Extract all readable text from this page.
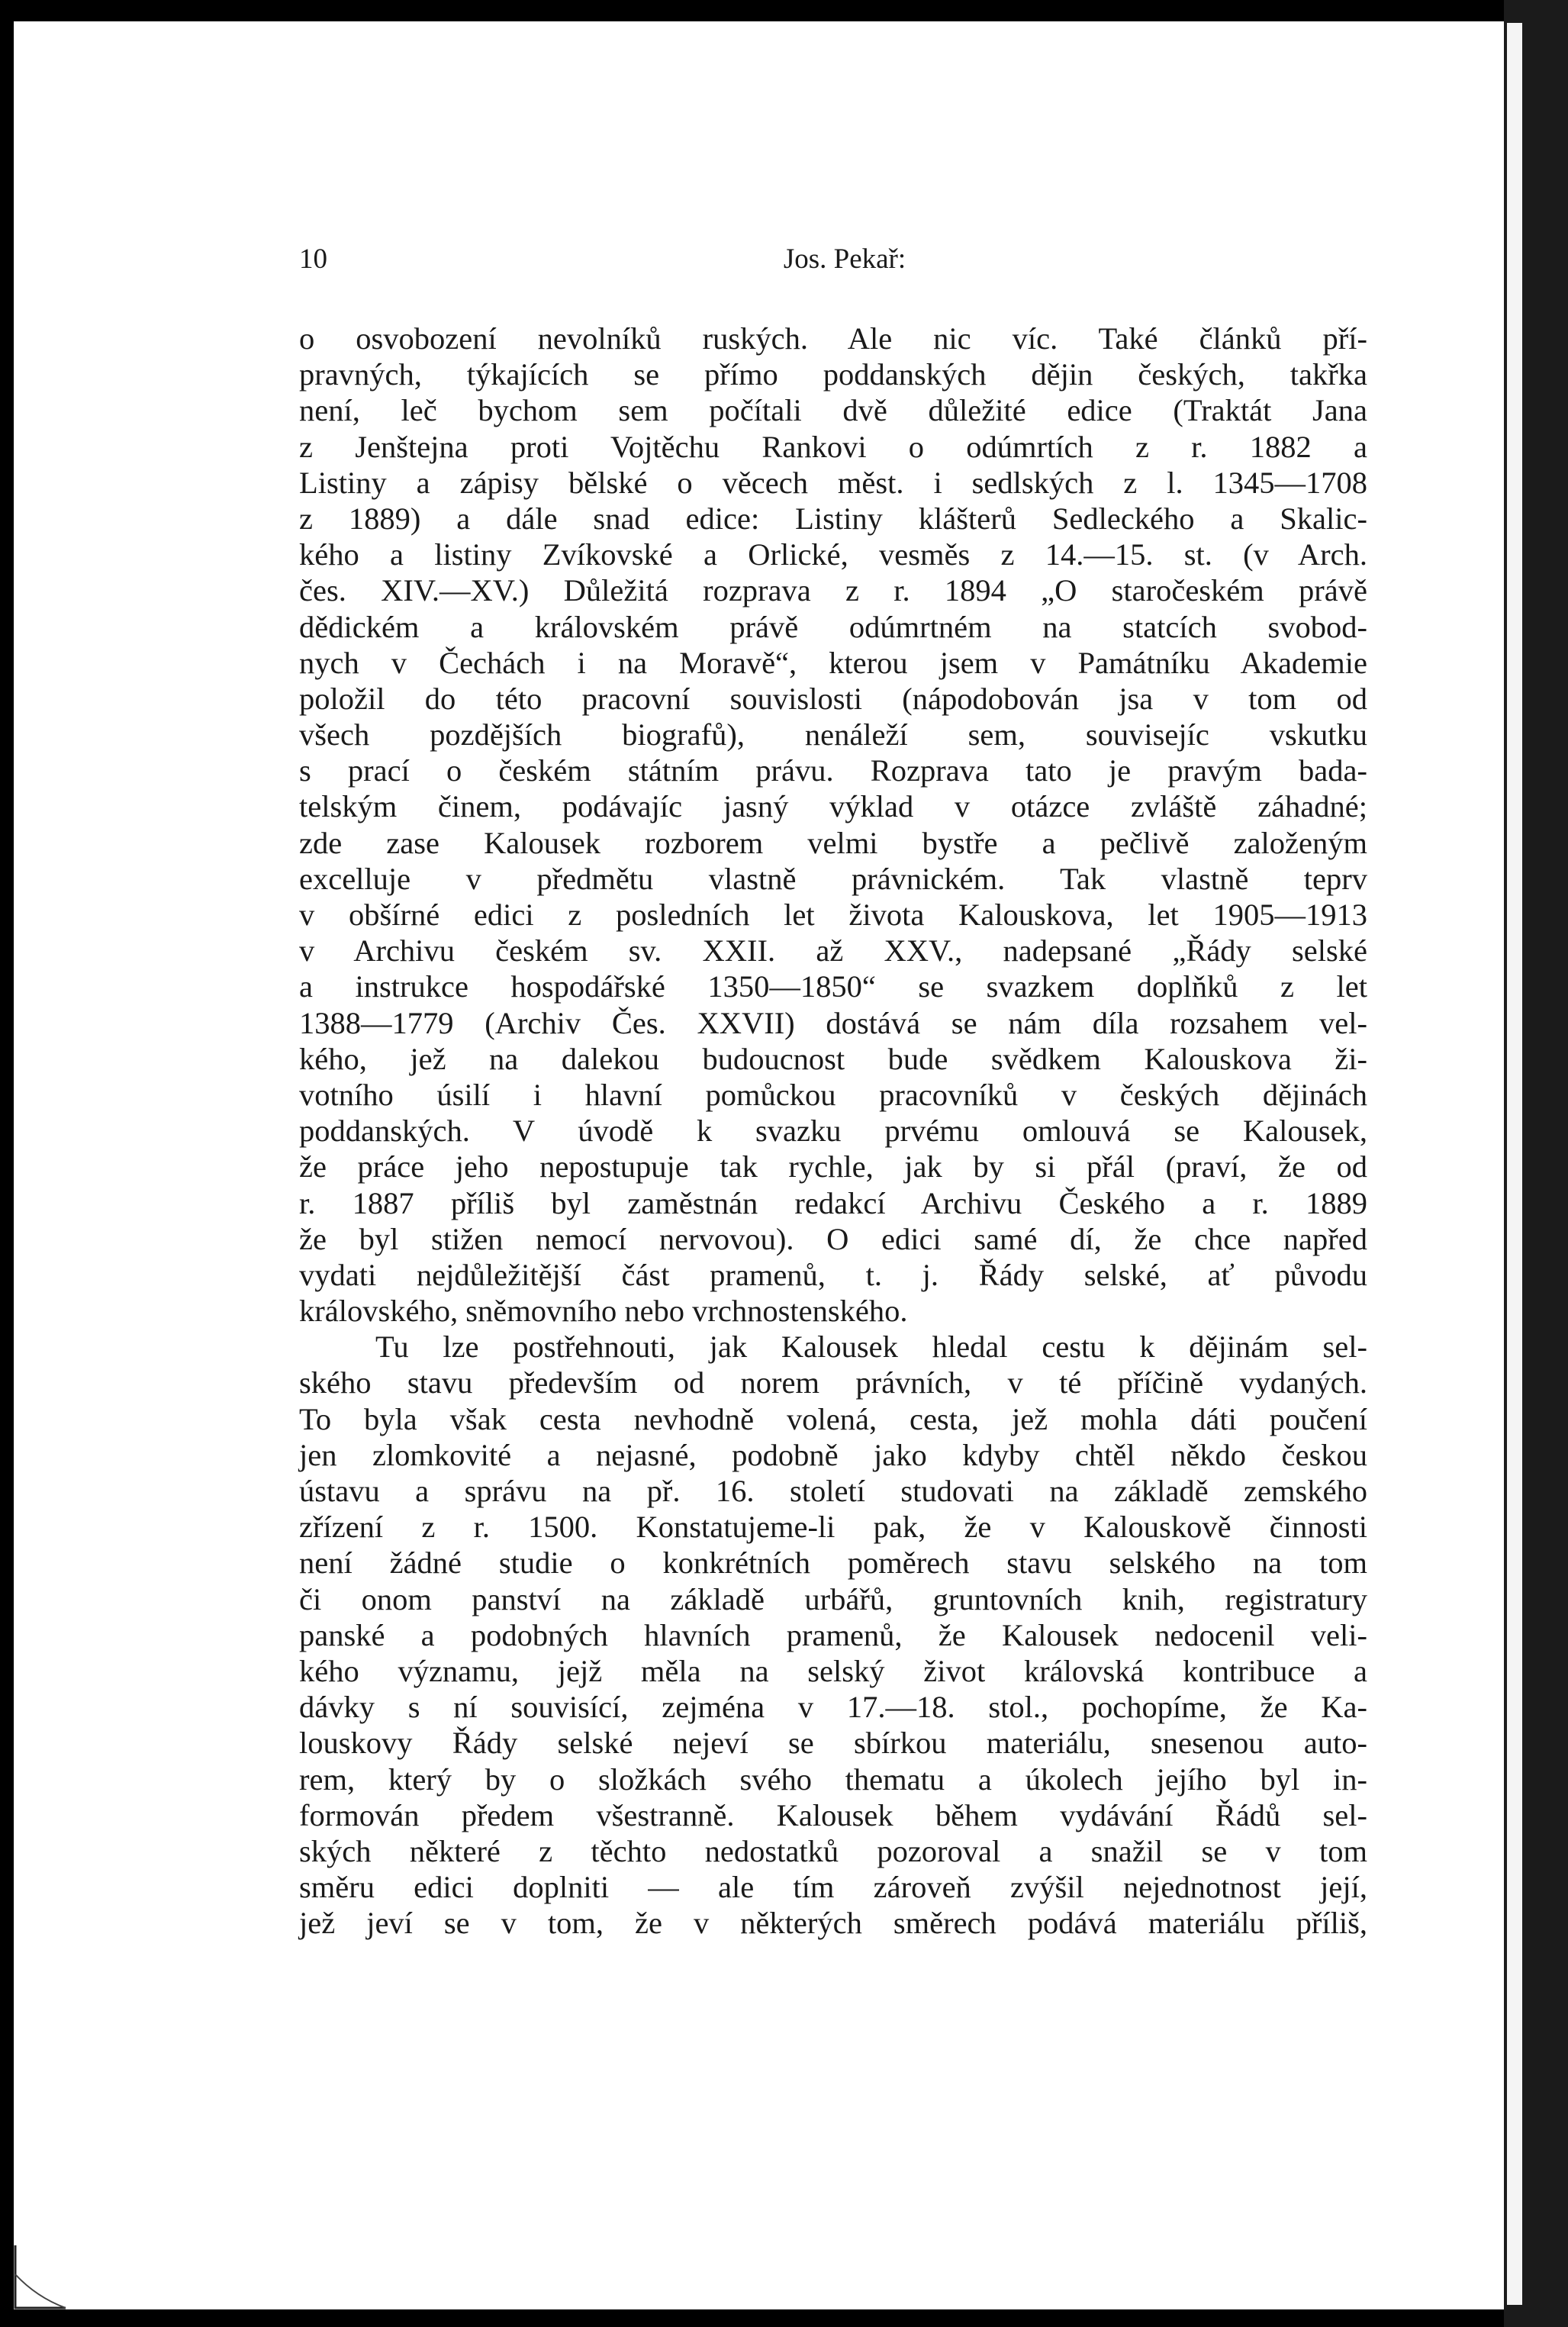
10	Jos. Pekař:
o osvobození nevolníků ruských. Ale nic víc. Také článků pří-
pravných, týkajících se přímo poddanských dějin českých, takřka
není, leč bychom sem počítali dvě důležité edice (Traktát Jana
z Jenštejna proti Vojtěchu Rankovi o odúmrtích z r. 1882 a
Listiny a zápisy bělské o věcech měst. i sedlských z l. 1345—1708
z 1889) a dále snad edice: Listiny klášterů Sedleckého a Skalic-
kého a listiny Zvíkovské a Orlické, vesměs z 14.—15. st. (v Arch.
čes. XIV.—XV.) Důležitá rozprava z r. 1894 „O staročeském právě
dědickém a královském právě odúmrtném na statcích svobod-
nych v Čechách i na Moravě“, kterou jsem v Památníku Akademie
položil do této pracovní souvislosti (nápodobován jsa v tom od
všech pozdějších biografů), nenáleží sem, souvisejíc vskutku
s prací o českém státním právu. Rozprava tato je pravým bada-
telským činem, podávajíc jasný výklad v otázce zvláště záhadné;
zde zase Kalousek rozborem velmi bystře a pečlivě založeným
excelluje v předmětu vlastně právnickém. Tak vlastně teprv
v obšírné edici z posledních let života Kalouskova, let 1905—1913
v Archivu českém sv. XXII. až XXV., nadepsané „Řády selské
a instrukce hospodářské 1350—1850“ se svazkem doplňků z let
1388—1779 (Archiv Čes. XXVII) dostává se nám díla rozsahem vel-
kého, jež na dalekou budoucnost bude svědkem Kalouskova ži-
votního úsilí i hlavní pomůckou pracovníků v českých dějinách
poddanských. V úvodě k svazku prvému omlouvá se Kalousek,
že práce jeho nepostupuje tak rychle, jak by si přál (praví, že od
r. 1887 příliš byl zaměstnán redakcí Archivu Českého a r. 1889
že byl stižen nemocí nervovou). O edici samé dí, že chce napřed
vydati nejdůležitější část pramenů, t. j. Řády selské, ať původu
královského, sněmovního nebo vrchnostenského.
Tu lze postřehnouti, jak Kalousek hledal cestu k dějinám sel-
ského stavu především od norem právních, v té příčině vydaných.
To byla však cesta nevhodně volená, cesta, jež mohla dáti poučení
jen zlomkovité a nejasné, podobně jako kdyby chtěl někdo českou
ústavu a správu na př. 16. století studovati na základě zemského
zřízení z r. 1500. Konstatujeme-li pak, že v Kalouskově činnosti
není žádné studie o konkrétních poměrech stavu selského na tom
či onom panství na základě urbářů, gruntovních knih, registratury
panské a podobných hlavních pramenů, že Kalousek nedocenil veli-
kého významu, jejž měla na selský život královská kontribuce a
dávky s ní souvisící, zejména v 17.—18. stol., pochopíme, že Ka-
louskovy Řády selské nejeví se sbírkou materiálu, snesenou auto-
rem, který by o složkách svého thematu a úkolech jejího byl in-
formován předem všestranně. Kalousek během vydávání Řádů sel-
ských některé z těchto nedostatků pozoroval a snažil se v tom
směru edici doplniti — ale tím zároveň zvýšil nejednotnost její,
jež jeví se v tom, že v některých směrech podává materiálu příliš,
